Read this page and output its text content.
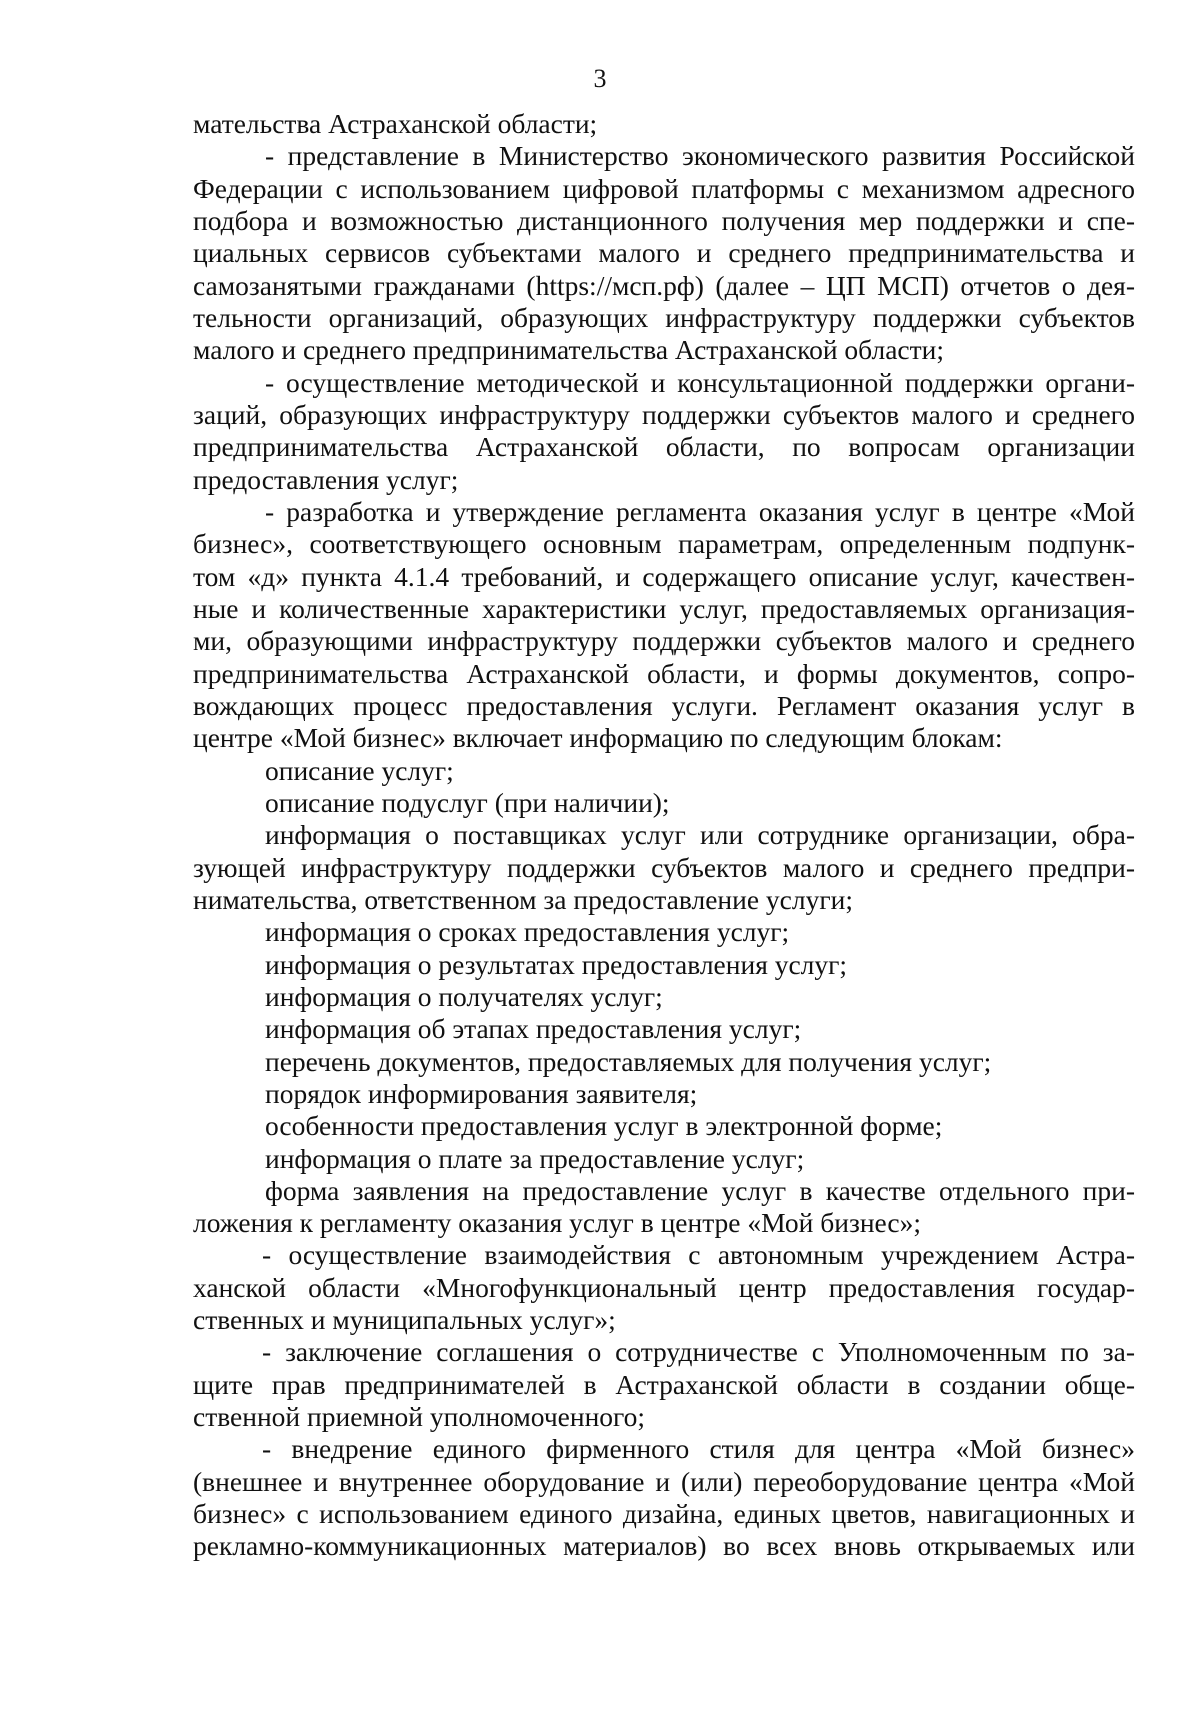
3
мательства Астраханской области;
- представление в Министерство экономического развития Российской
Федерации с использованием цифровой платформы с механизмом адресного
подбора и возможностью дистанционного получения мер поддержки и спе-
циальных сервисов субъектами малого и среднего предпринимательства и
самозанятыми гражданами (https://мсп.рф) (далее – ЦП МСП) отчетов о дея-
тельности организаций, образующих инфраструктуру поддержки субъектов
малого и среднего предпринимательства Астраханской области;
- осуществление методической и консультационной поддержки органи-
заций, образующих инфраструктуру поддержки субъектов малого и среднего
предпринимательства Астраханской области, по вопросам организации
предоставления услуг;
- разработка и утверждение регламента оказания услуг в центре «Мой
бизнес», соответствующего основным параметрам, определенным подпунк-
том «д» пункта 4.1.4 требований, и содержащего описание услуг, качествен-
ные и количественные характеристики услуг, предоставляемых организация-
ми, образующими инфраструктуру поддержки субъектов малого и среднего
предпринимательства Астраханской области, и формы документов, сопро-
вождающих процесс предоставления услуги. Регламент оказания услуг в
центре «Мой бизнес» включает информацию по следующим блокам:
описание услуг;
описание подуслуг (при наличии);
информация о поставщиках услуг или сотруднике организации, обра-
зующей инфраструктуру поддержки субъектов малого и среднего предпри-
нимательства, ответственном за предоставление услуги;
информация о сроках предоставления услуг;
информация о результатах предоставления услуг;
информация о получателях услуг;
информация об этапах предоставления услуг;
перечень документов, предоставляемых для получения услуг;
порядок информирования заявителя;
особенности предоставления услуг в электронной форме;
информация о плате за предоставление услуг;
форма заявления на предоставление услуг в качестве отдельного при-
ложения к регламенту оказания услуг в центре «Мой бизнес»;
- осуществление взаимодействия с автономным учреждением Астра-
ханской области «Многофункциональный центр предоставления государ-
ственных и муниципальных услуг»;
- заключение соглашения о сотрудничестве с Уполномоченным по за-
щите прав предпринимателей в Астраханской области в создании обще-
ственной приемной уполномоченного;
- внедрение единого фирменного стиля для центра «Мой бизнес»
(внешнее и внутреннее оборудование и (или) переоборудование центра «Мой
бизнес» с использованием единого дизайна, единых цветов, навигационных и
рекламно-коммуникационных материалов) во всех вновь открываемых или
